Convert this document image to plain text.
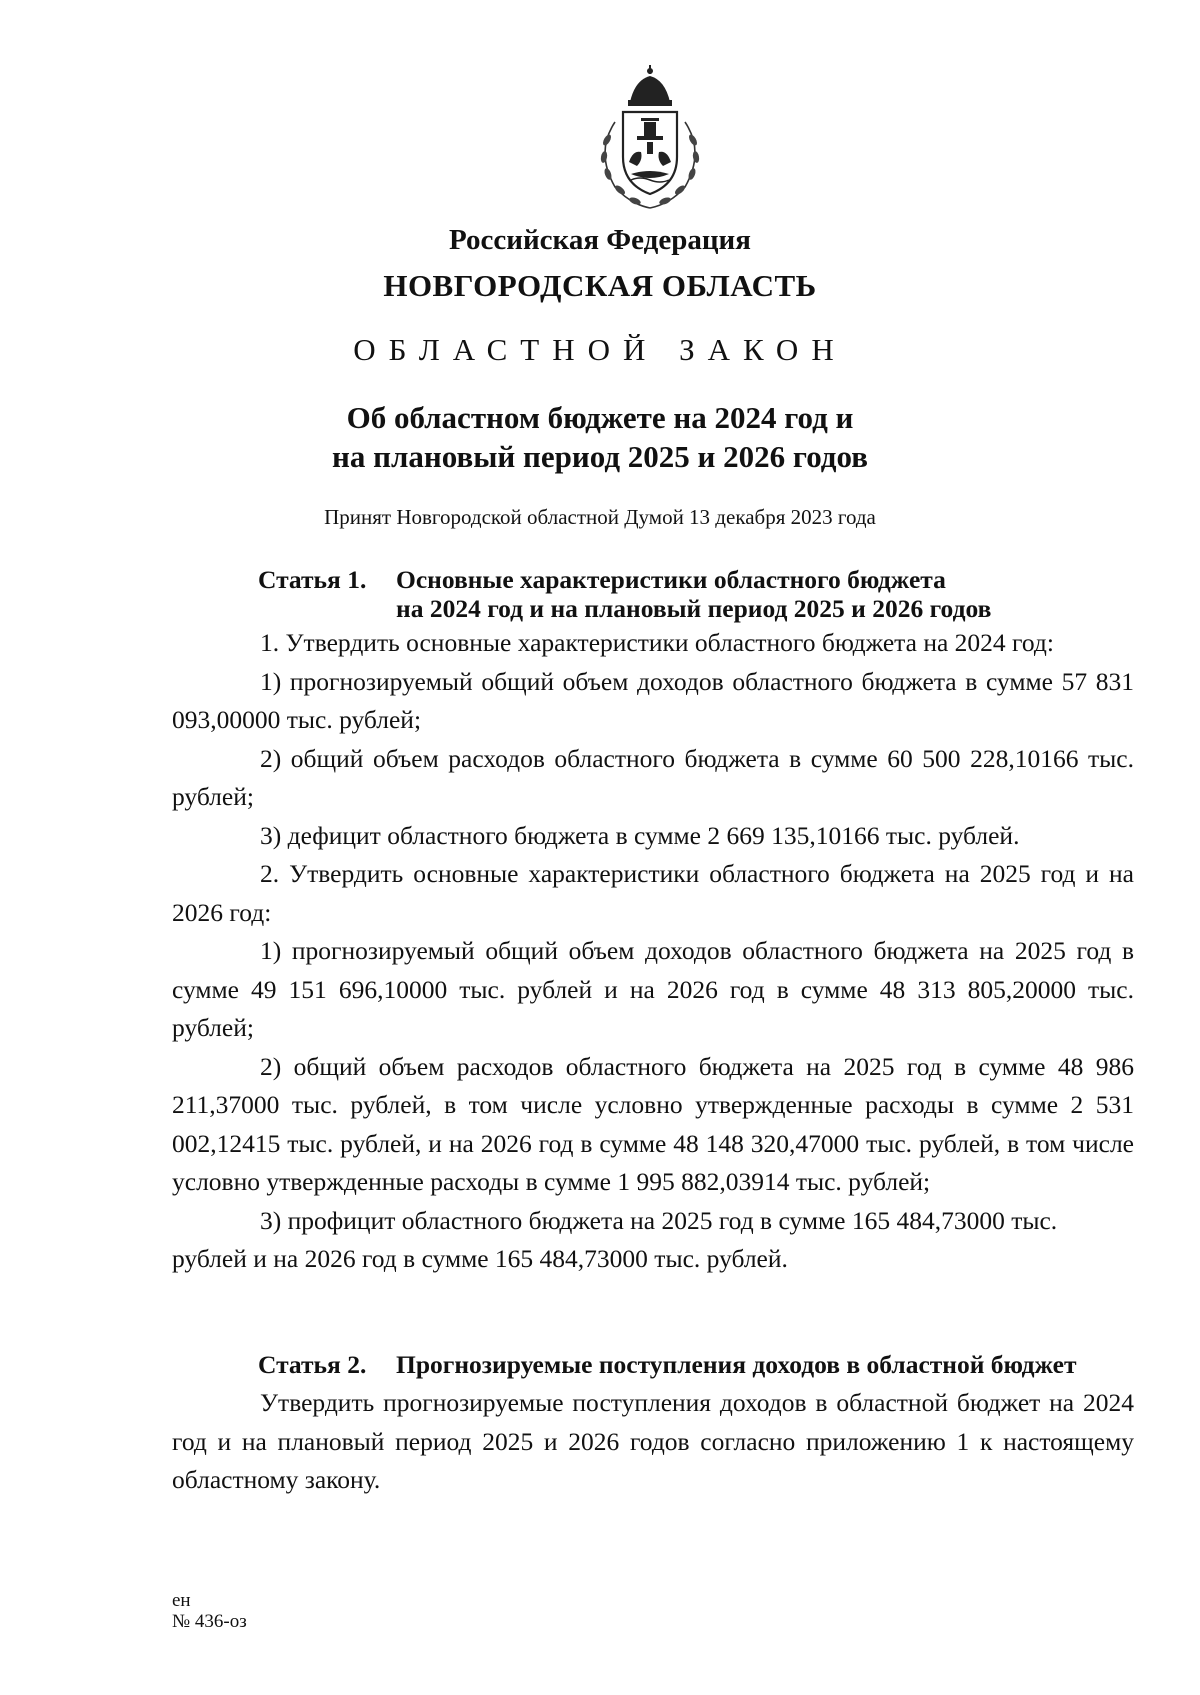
Российская Федерация
НОВГОРОДСКАЯ ОБЛАСТЬ
ОБЛАСТНОЙ ЗАКОН
Об областном бюджете на 2024 год и
на плановый период 2025 и 2026 годов
Принят Новгородской областной Думой 13 декабря 2023 года
Статья 1. Основные характеристики областного бюджета
на 2024 год и на плановый период 2025 и 2026 годов

1. Утвердить основные характеристики областного бюджета на 2024 год:

1) прогнозируемый общий объем доходов областного бюджета в сумме 57 831 093,00000 тыс. рублей;

2) общий объем расходов областного бюджета в сумме 60 500 228,10166 тыс. рублей;

3) дефицит областного бюджета в сумме 2 669 135,10166 тыс. рублей.

2. Утвердить основные характеристики областного бюджета на 2025 год и на 2026 год:

1) прогнозируемый общий объем доходов областного бюджета на 2025 год в сумме 49 151 696,10000 тыс. рублей и на 2026 год в сумме 48 313 805,20000 тыс. рублей;

2) общий объем расходов областного бюджета на 2025 год в сумме 48 986 211,37000 тыс. рублей, в том числе условно утвержденные расходы в сумме 2 531 002,12415 тыс. рублей, и на 2026 год в сумме 48 148 320,47000 тыс. рублей, в том числе условно утвержденные расходы в сумме 1 995 882,03914 тыс. рублей;

3) профицит областного бюджета на 2025 год в сумме 165 484,73000 тыс. рублей и на 2026 год в сумме 165 484,73000 тыс. рублей.

Статья 2. Прогнозируемые поступления доходов в областной бюджет

Утвердить прогнозируемые поступления доходов в областной бюджет на 2024 год и на плановый период 2025 и 2026 годов согласно приложению 1 к настоящему областному закону.

ен
№ 436-оз
